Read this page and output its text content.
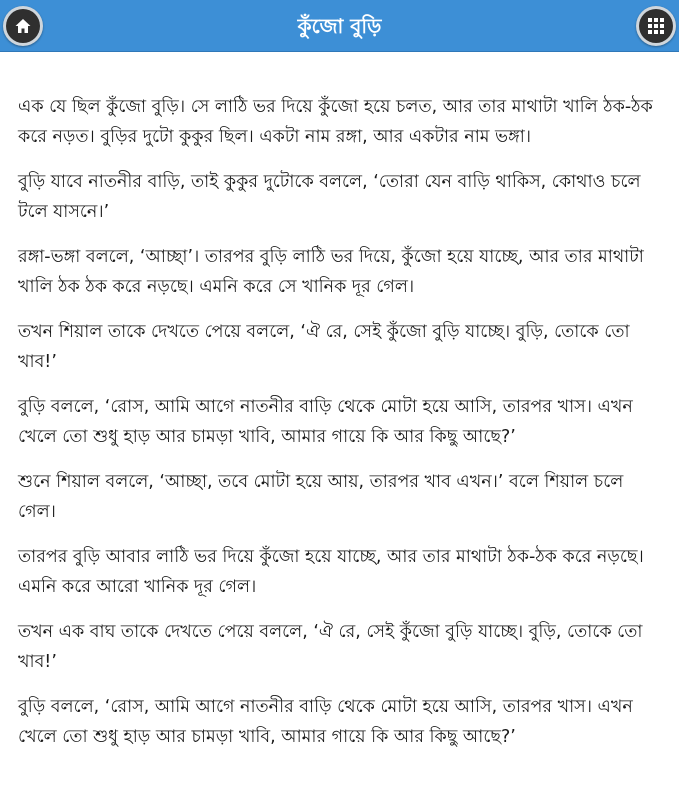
কুঁজো বুড়ি

এক যে ছিল কুঁজো বুড়ি। সে লাঠি ভর দিয়ে কুঁজো হয়ে চলত, আর তার মাথাটা খালি ঠক-ঠক করে নড়ত। বুড়ির দুটো কুকুর ছিল। একটা নাম রঙ্গা, আর একটার নাম ভঙ্গা।

বুড়ি যাবে নাতনীর বাড়ি, তাই কুকুর দুটোকে বললে, ‘তোরা যেন বাড়ি থাকিস, কোথাও চলে টলে যাসনে।’

রঙ্গা-ভঙ্গা বললে, ‘আচ্ছা’। তারপর বুড়ি লাঠি ভর দিয়ে, কুঁজো হয়ে যাচ্ছে, আর তার মাথাটা খালি ঠক ঠক করে নড়ছে। এমনি করে সে খানিক দূর গেল।

তখন শিয়াল তাকে দেখতে পেয়ে বললে, ‘ঐ রে, সেই কুঁজো বুড়ি যাচ্ছে। বুড়ি, তোকে তো খাব!’

বুড়ি বললে, ‘রোস, আমি আগে নাতনীর বাড়ি থেকে মোটা হয়ে আসি, তারপর খাস। এখন খেলে তো শুধু হাড় আর চামড়া খাবি, আমার গায়ে কি আর কিছু আছে?’

শুনে শিয়াল বললে, ‘আচ্ছা, তবে মোটা হয়ে আয়, তারপর খাব এখন।’ বলে শিয়াল চলে গেল।

তারপর বুড়ি আবার লাঠি ভর দিয়ে কুঁজো হয়ে যাচ্ছে, আর তার মাথাটা ঠক-ঠক করে নড়ছে। এমনি করে আরো খানিক দূর গেল।

তখন এক বাঘ তাকে দেখতে পেয়ে বললে, ‘ঐ রে, সেই কুঁজো বুড়ি যাচ্ছে। বুড়ি, তোকে তো খাব!’

বুড়ি বললে, ‘রোস, আমি আগে নাতনীর বাড়ি থেকে মোটা হয়ে আসি, তারপর খাস। এখন খেলে তো শুধু হাড় আর চামড়া খাবি, আমার গায়ে কি আর কিছু আছে?’
